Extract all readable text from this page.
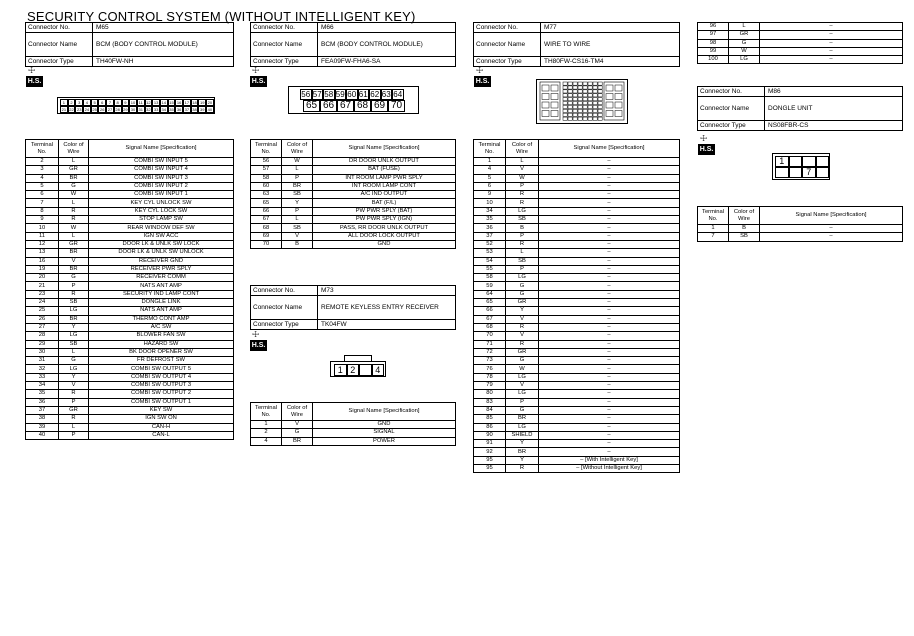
SECURITY CONTROL SYSTEM (WITHOUT INTELLIGENT KEY)
Connector No.	M65
Connector Name	BCM (BODY CONTROL MODULE)
Connector Type	TH40FW-NH
☩
H.S.
1	2	3	4	5	6	7	8	9	10 11 12 13 14 15 16 17 18 19 20
21 22 23 24 25 26 27 28 29 30 31 32 33 34 35 36 37 38 39 40
Terminal No.	Color of Wire	Signal Name [Specification]
2	L	COMBI SW INPUT 5
3	GR	COMBI SW INPUT 4
4	BR	COMBI SW INPUT 3
5	G	COMBI SW INPUT 2
6	W	COMBI SW INPUT 1
7	L	KEY CYL UNLOCK SW
8	R	KEY CYL LOCK SW
9	R	STOP LAMP SW
10	W	REAR WINDOW DEF SW
11	L	IGN SW ACC
12	GR	DOOR LK & UNLK SW LOCK
13	BR	DOOR LK & UNLK SW UNLOCK
16	V	RECEIVER GND
19	BR	RECEIVER PWR SPLY
20	G	RECEIVER COMM
21	P	NATS ANT AMP
23	R	SECURITY IND LAMP CONT
24	SB	DONGLE LINK
25	LG	NATS ANT AMP
26	BR	THERMO CONT AMP
27	Y	A/C SW
28	LG	BLOWER FAN SW
29	SB	HAZARD SW
30	L	BK DOOR OPENER SW
31	G	FR DEFROST SW
32	LG	COMBI SW OUTPUT 5
33	Y	COMBI SW OUTPUT 4
34	V	COMBI SW OUTPUT 3
35	R	COMBI SW OUTPUT 2
36	P	COMBI SW OUTPUT 1
37	GR	KEY SW
38	R	IGN SW ON
39	L	CAN-H
40	P	CAN-L
Connector No.	M66
Connector Name	BCM (BODY CONTROL MODULE)
Connector Type	FEA09FW-FHA6-SA
☩
H.S.
56 57 58 59 60 61 62 63 64
65 66 67 68 69 70
Terminal No.	Color of Wire	Signal Name [Specification]
56	W	DR DOOR UNLK OUTPUT
57	L	BAT (FUSE)
58	P	INT ROOM LAMP PWR SPLY
60	BR	INT ROOM LAMP CONT
63	SB	A/C IND OUTPUT
65	Y	BAT (F/L)
66	P	PW PWR SPLY (BAT)
67	L	PW PWR SPLY (IGN)
68	SB	PASS, RR DOOR UNLK OUTPUT
69	V	ALL DOOR LOCK OUTPUT
70	B	GND
Connector No.	M73
Connector Name	REMOTE KEYLESS ENTRY RECEIVER
Connector Type	TK04FW
☩
H.S.
1 2	4
Terminal No.	Color of Wire	Signal Name [Specification]
1	V	GND
2	G	SIGNAL
4	BR	POWER
Connector No.	M77
Connector Name	WIRE TO WIRE
Connector Type	TH80FW-CS16-TM4
☩
H.S.
Terminal No.	Color of Wire	Signal Name [Specification]
1	L	–
4	V	–
5	W	–
6	P	–
9	R	–
10	R	–
34	LG	–
35	SB	–
36	B	–
37	P	–
52	R	–
53	L	–
54	SB	–
55	P	–
58	LG	–
59	G	–
64	G	–
65	GR	–
66	Y	–
67	V	–
68	R	–
70	V	–
71	R	–
72	GR	–
73	G	–
76	W	–
78	LG	–
79	V	–
80	LG	–
83	P	–
84	G	–
85	BR	–
86	LG	–
90	SHIELD	–
91	Y	–
92	BR	–
95	Y	– [With Intelligent Key]
95	R	– [Without Intelligent Key]
96	L	–
97	GR	–
98	G	–
99	W	–
100	LG	–
Connector No.	M86
Connector Name	DONGLE UNIT
Connector Type	NS08FBR-CS
☩
H.S.
1
7
Terminal No.	Color of Wire	Signal Name [Specification]
1	B	–
7	SB	–
